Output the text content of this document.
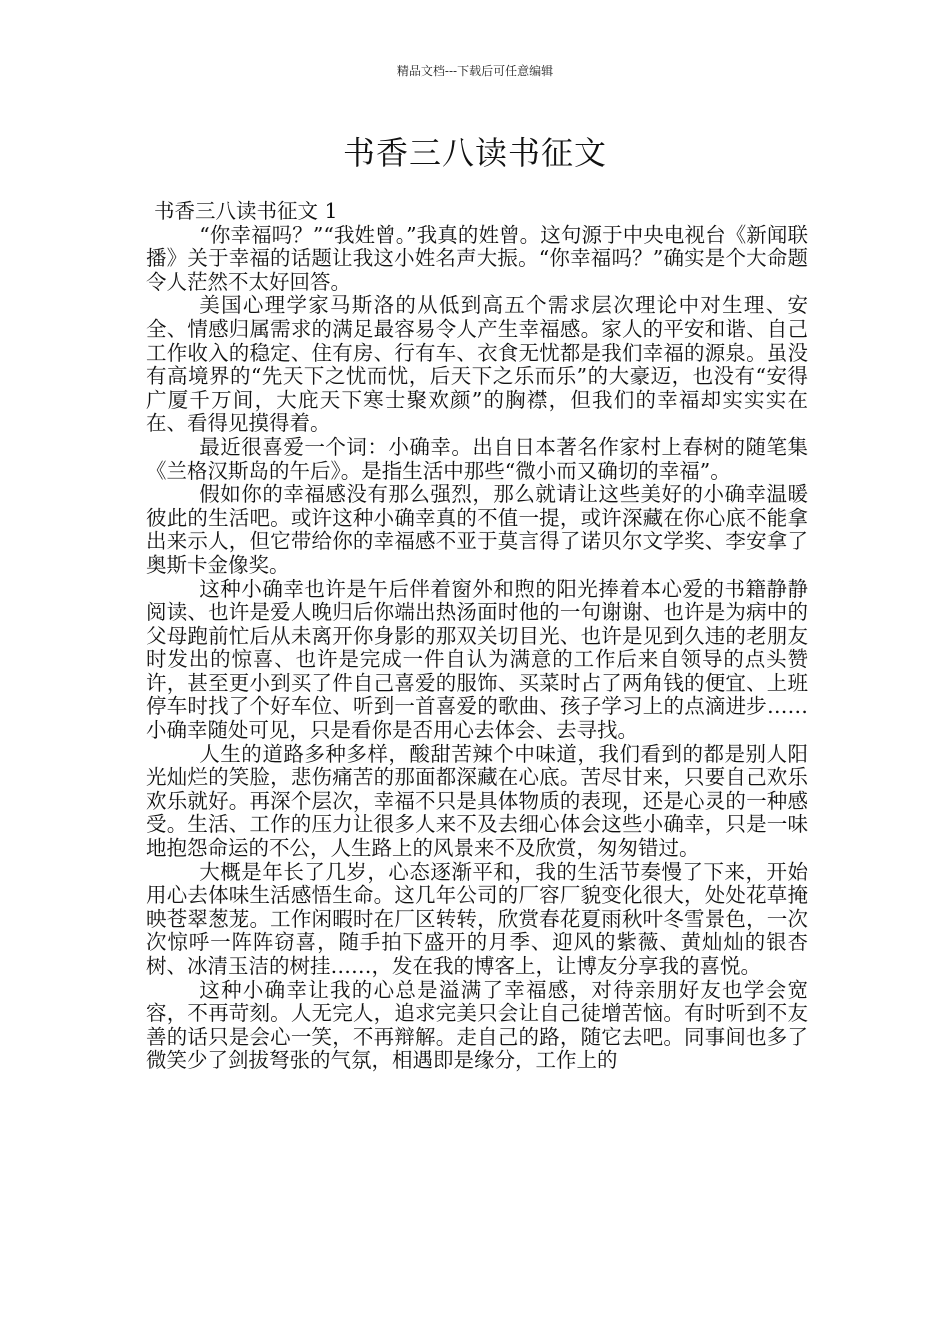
精品文档---下载后可任意编辑
书香三八读书征文

书香三八读书征文 1

“你幸福吗？”“我姓曾。”我真的姓曾。这句源于中央电视台《新闻联播》关于幸福的话题让我这小姓名声大振。“你幸福吗？”确实是个大命题令人茫然不太好回答。

美国心理学家马斯洛的从低到高五个需求层次理论中对生理、安全、情感归属需求的满足最容易令人产生幸福感。家人的平安和谐、自己工作收入的稳定、住有房、行有车、衣食无忧都是我们幸福的源泉。虽没有高境界的“先天下之忧而忧，后天下之乐而乐”的大豪迈，也没有“安得广厦千万间，大庇天下寒士聚欢颜”的胸襟，但我们的幸福却实实实在在、看得见摸得着。

最近很喜爱一个词：小确幸。出自日本著名作家村上春树的随笔集《兰格汉斯岛的午后》。是指生活中那些“微小而又确切的幸福”。

假如你的幸福感没有那么强烈，那么就请让这些美好的小确幸温暖彼此的生活吧。或许这种小确幸真的不值一提，或许深藏在你心底不能拿出来示人，但它带给你的幸福感不亚于莫言得了诺贝尔文学奖、李安拿了奥斯卡金像奖。

这种小确幸也许是午后伴着窗外和煦的阳光捧着本心爱的书籍静静阅读、也许是爱人晚归后你端出热汤面时他的一句谢谢、也许是为病中的父母跑前忙后从未离开你身影的那双关切目光、也许是见到久违的老朋友时发出的惊喜、也许是完成一件自认为满意的工作后来自领导的点头赞许，甚至更小到买了件自己喜爱的服饰、买菜时占了两角钱的便宜、上班停车时找了个好车位、听到一首喜爱的歌曲、孩子学习上的点滴进步……小确幸随处可见，只是看你是否用心去体会、去寻找。

人生的道路多种多样，酸甜苦辣个中味道，我们看到的都是别人阳光灿烂的笑脸，悲伤痛苦的那面都深藏在心底。苦尽甘来，只要自己欢乐欢乐就好。再深个层次，幸福不只是具体物质的表现，还是心灵的一种感受。生活、工作的压力让很多人来不及去细心体会这些小确幸，只是一味地抱怨命运的不公，人生路上的风景来不及欣赏，匆匆错过。

大概是年长了几岁，心态逐渐平和，我的生活节奏慢了下来，开始用心去体味生活感悟生命。这几年公司的厂容厂貌变化很大，处处花草掩映苍翠葱茏。工作闲暇时在厂区转转，欣赏春花夏雨秋叶冬雪景色，一次次惊呼一阵阵窃喜，随手拍下盛开的月季、迎风的紫薇、黄灿灿的银杏树、冰清玉洁的树挂……，发在我的博客上，让博友分享我的喜悦。

这种小确幸让我的心总是溢满了幸福感，对待亲朋好友也学会宽容，不再苛刻。人无完人，追求完美只会让自己徒增苦恼。有时听到不友善的话只是会心一笑，不再辩解。走自己的路，随它去吧。同事间也多了微笑少了剑拔弩张的气氛，相遇即是缘分，工作上的
